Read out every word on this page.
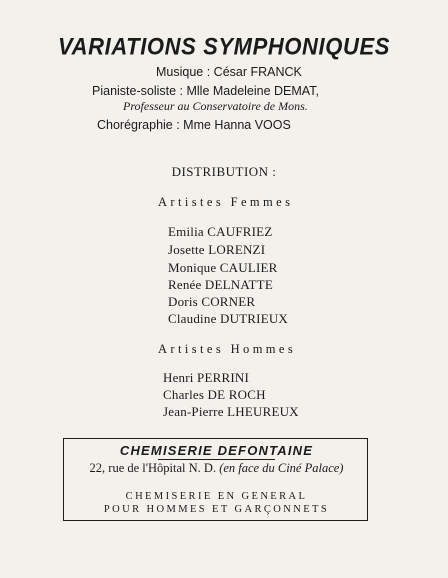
VARIATIONS SYMPHONIQUES
Musique : César FRANCK
Pianiste-soliste : Mlle Madeleine DEMAT,
Professeur au Conservatoire de Mons.
Chorégraphie : Mme Hanna VOOS
DISTRIBUTION :
Artistes Femmes
Emilia CAUFRIEZ
Josette LORENZI
Monique CAULIER
Renée DELNATTE
Doris CORNER
Claudine DUTRIEUX
Artistes Hommes
Henri PERRINI
Charles DE ROCH
Jean-Pierre LHEUREUX
CHEMISERIE DEFONTAINE
22, rue de l'Hôpital N. D. (en face du Ciné Palace)
CHEMISERIE EN GENERAL
POUR HOMMES ET GARÇONNETS
